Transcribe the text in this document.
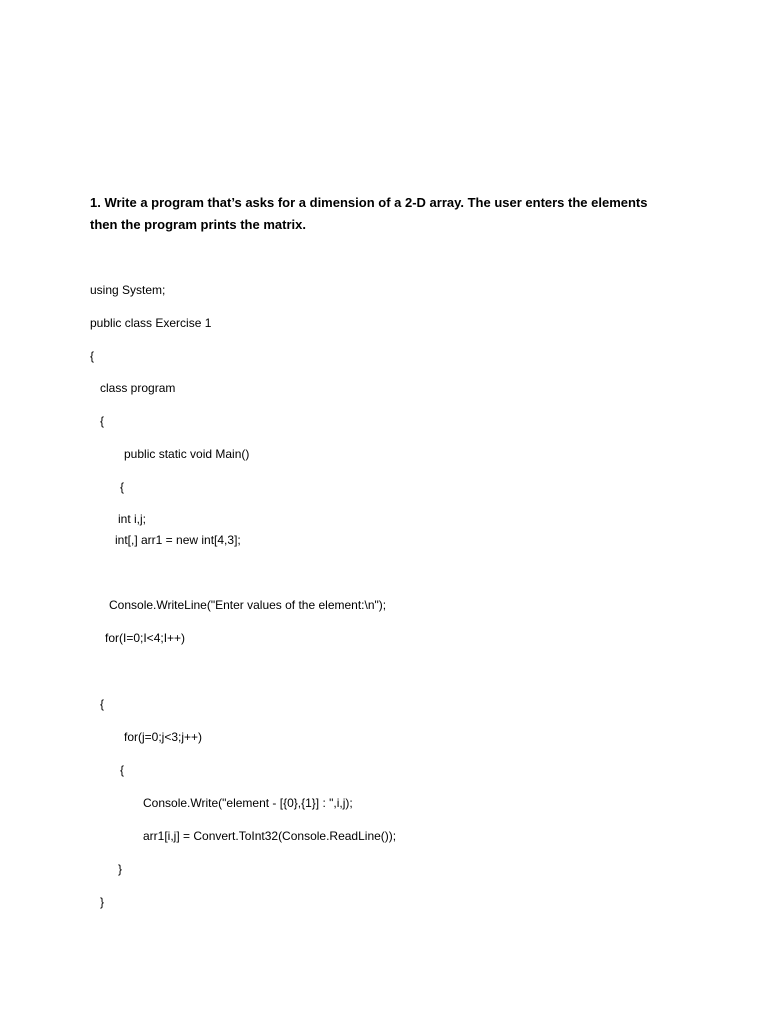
1. Write a program that’s asks for a dimension of a 2-D array. The user enters the elements
then the program prints the matrix.

using System;

public class Exercise 1

{

class program

{

public static void Main()

{

int i,j;

int[,] arr1 = new int[4,3];

Console.WriteLine("Enter values of the element:\n");

for(I=0;I<4;I++)

{

for(j=0;j<3;j++)

{

Console.Write("element - [{0},{1}] : ",i,j);

arr1[i,j] = Convert.ToInt32(Console.ReadLine());

}

}
